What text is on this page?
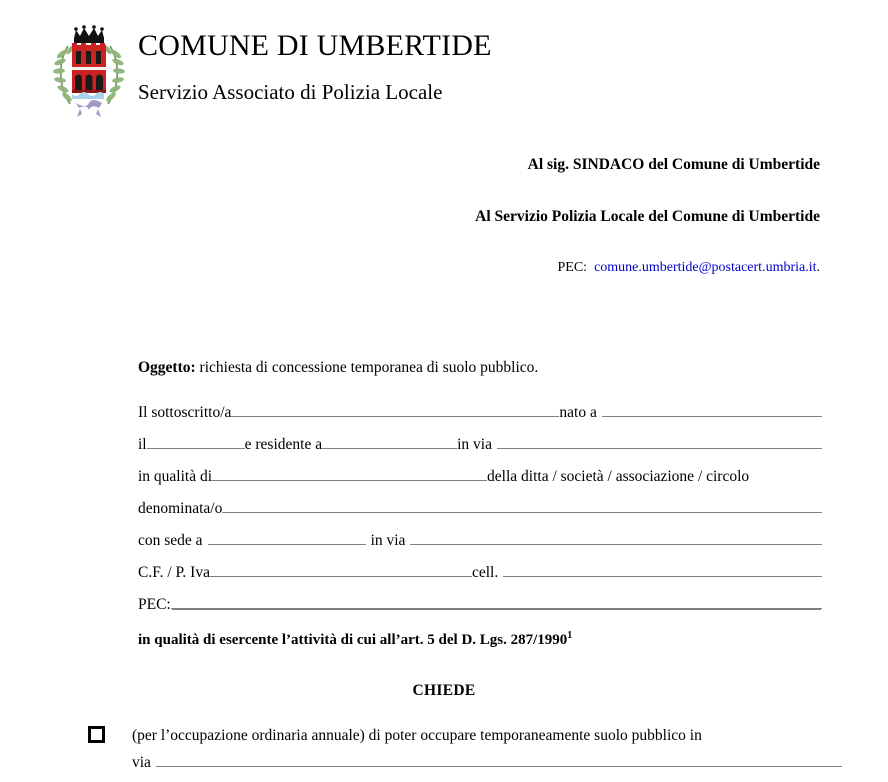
COMUNE DI UMBERTIDE
Servizio Associato di Polizia Locale
Al sig. SINDACO del Comune di Umbertide
Al Servizio Polizia Locale del Comune di Umbertide
PEC: comune.umbertide@postacert.umbria.it.
Oggetto: richiesta di concessione temporanea di suolo pubblico.
Il sottoscritto/a	nato a
il	e residente a	in via
in qualità di	della ditta / società / associazione / circolo
denominata/o
con sede a	in via
C.F. / P. Iva	cell.
PEC:
in qualità di esercente l’attività di cui all’art. 5 del D. Lgs. 287/1990$^1$
CHIEDE
(per l’occupazione ordinaria annuale) di poter occupare temporaneamente suolo pubblico in
via
